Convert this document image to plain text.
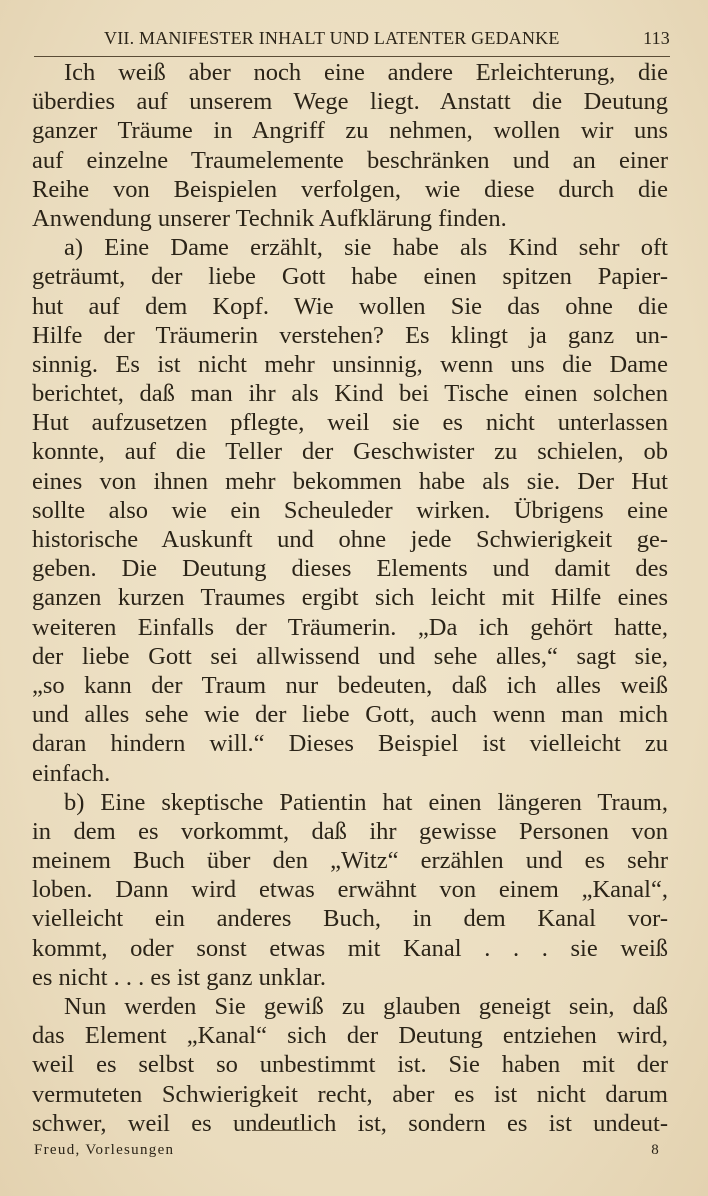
VII. MANIFESTER INHALT UND LATENTER GEDANKE	113
Ich weiß aber noch eine andere Erleichterung, die
überdies auf unserem Wege liegt. Anstatt die Deutung
ganzer Träume in Angriff zu nehmen, wollen wir uns
auf einzelne Traumelemente beschränken und an einer
Reihe von Beispielen verfolgen, wie diese durch die
Anwendung unserer Technik Aufklärung finden.
a) Eine Dame erzählt, sie habe als Kind sehr oft
geträumt, der liebe Gott habe einen spitzen Papier-
hut auf dem Kopf. Wie wollen Sie das ohne die
Hilfe der Träumerin verstehen? Es klingt ja ganz un-
sinnig. Es ist nicht mehr unsinnig, wenn uns die Dame
berichtet, daß man ihr als Kind bei Tische einen solchen
Hut aufzusetzen pflegte, weil sie es nicht unterlassen
konnte, auf die Teller der Geschwister zu schielen, ob
eines von ihnen mehr bekommen habe als sie. Der Hut
sollte also wie ein Scheuleder wirken. Übrigens eine
historische Auskunft und ohne jede Schwierigkeit ge-
geben. Die Deutung dieses Elements und damit des
ganzen kurzen Traumes ergibt sich leicht mit Hilfe eines
weiteren Einfalls der Träumerin. „Da ich gehört hatte,
der liebe Gott sei allwissend und sehe alles,“ sagt sie,
„so kann der Traum nur bedeuten, daß ich alles weiß
und alles sehe wie der liebe Gott, auch wenn man mich
daran hindern will.“ Dieses Beispiel ist vielleicht zu
einfach.
b) Eine skeptische Patientin hat einen längeren Traum,
in dem es vorkommt, daß ihr gewisse Personen von
meinem Buch über den „Witz“ erzählen und es sehr
loben. Dann wird etwas erwähnt von einem „Kanal“,
vielleicht ein anderes Buch, in dem Kanal vor-
kommt, oder sonst etwas mit Kanal . . . sie weiß
es nicht . . . es ist ganz unklar.
Nun werden Sie gewiß zu glauben geneigt sein, daß
das Element „Kanal“ sich der Deutung entziehen wird,
weil es selbst so unbestimmt ist. Sie haben mit der
vermuteten Schwierigkeit recht, aber es ist nicht darum
schwer, weil es undeutlich ist, sondern es ist undeut-
Freud, Vorlesungen	8
